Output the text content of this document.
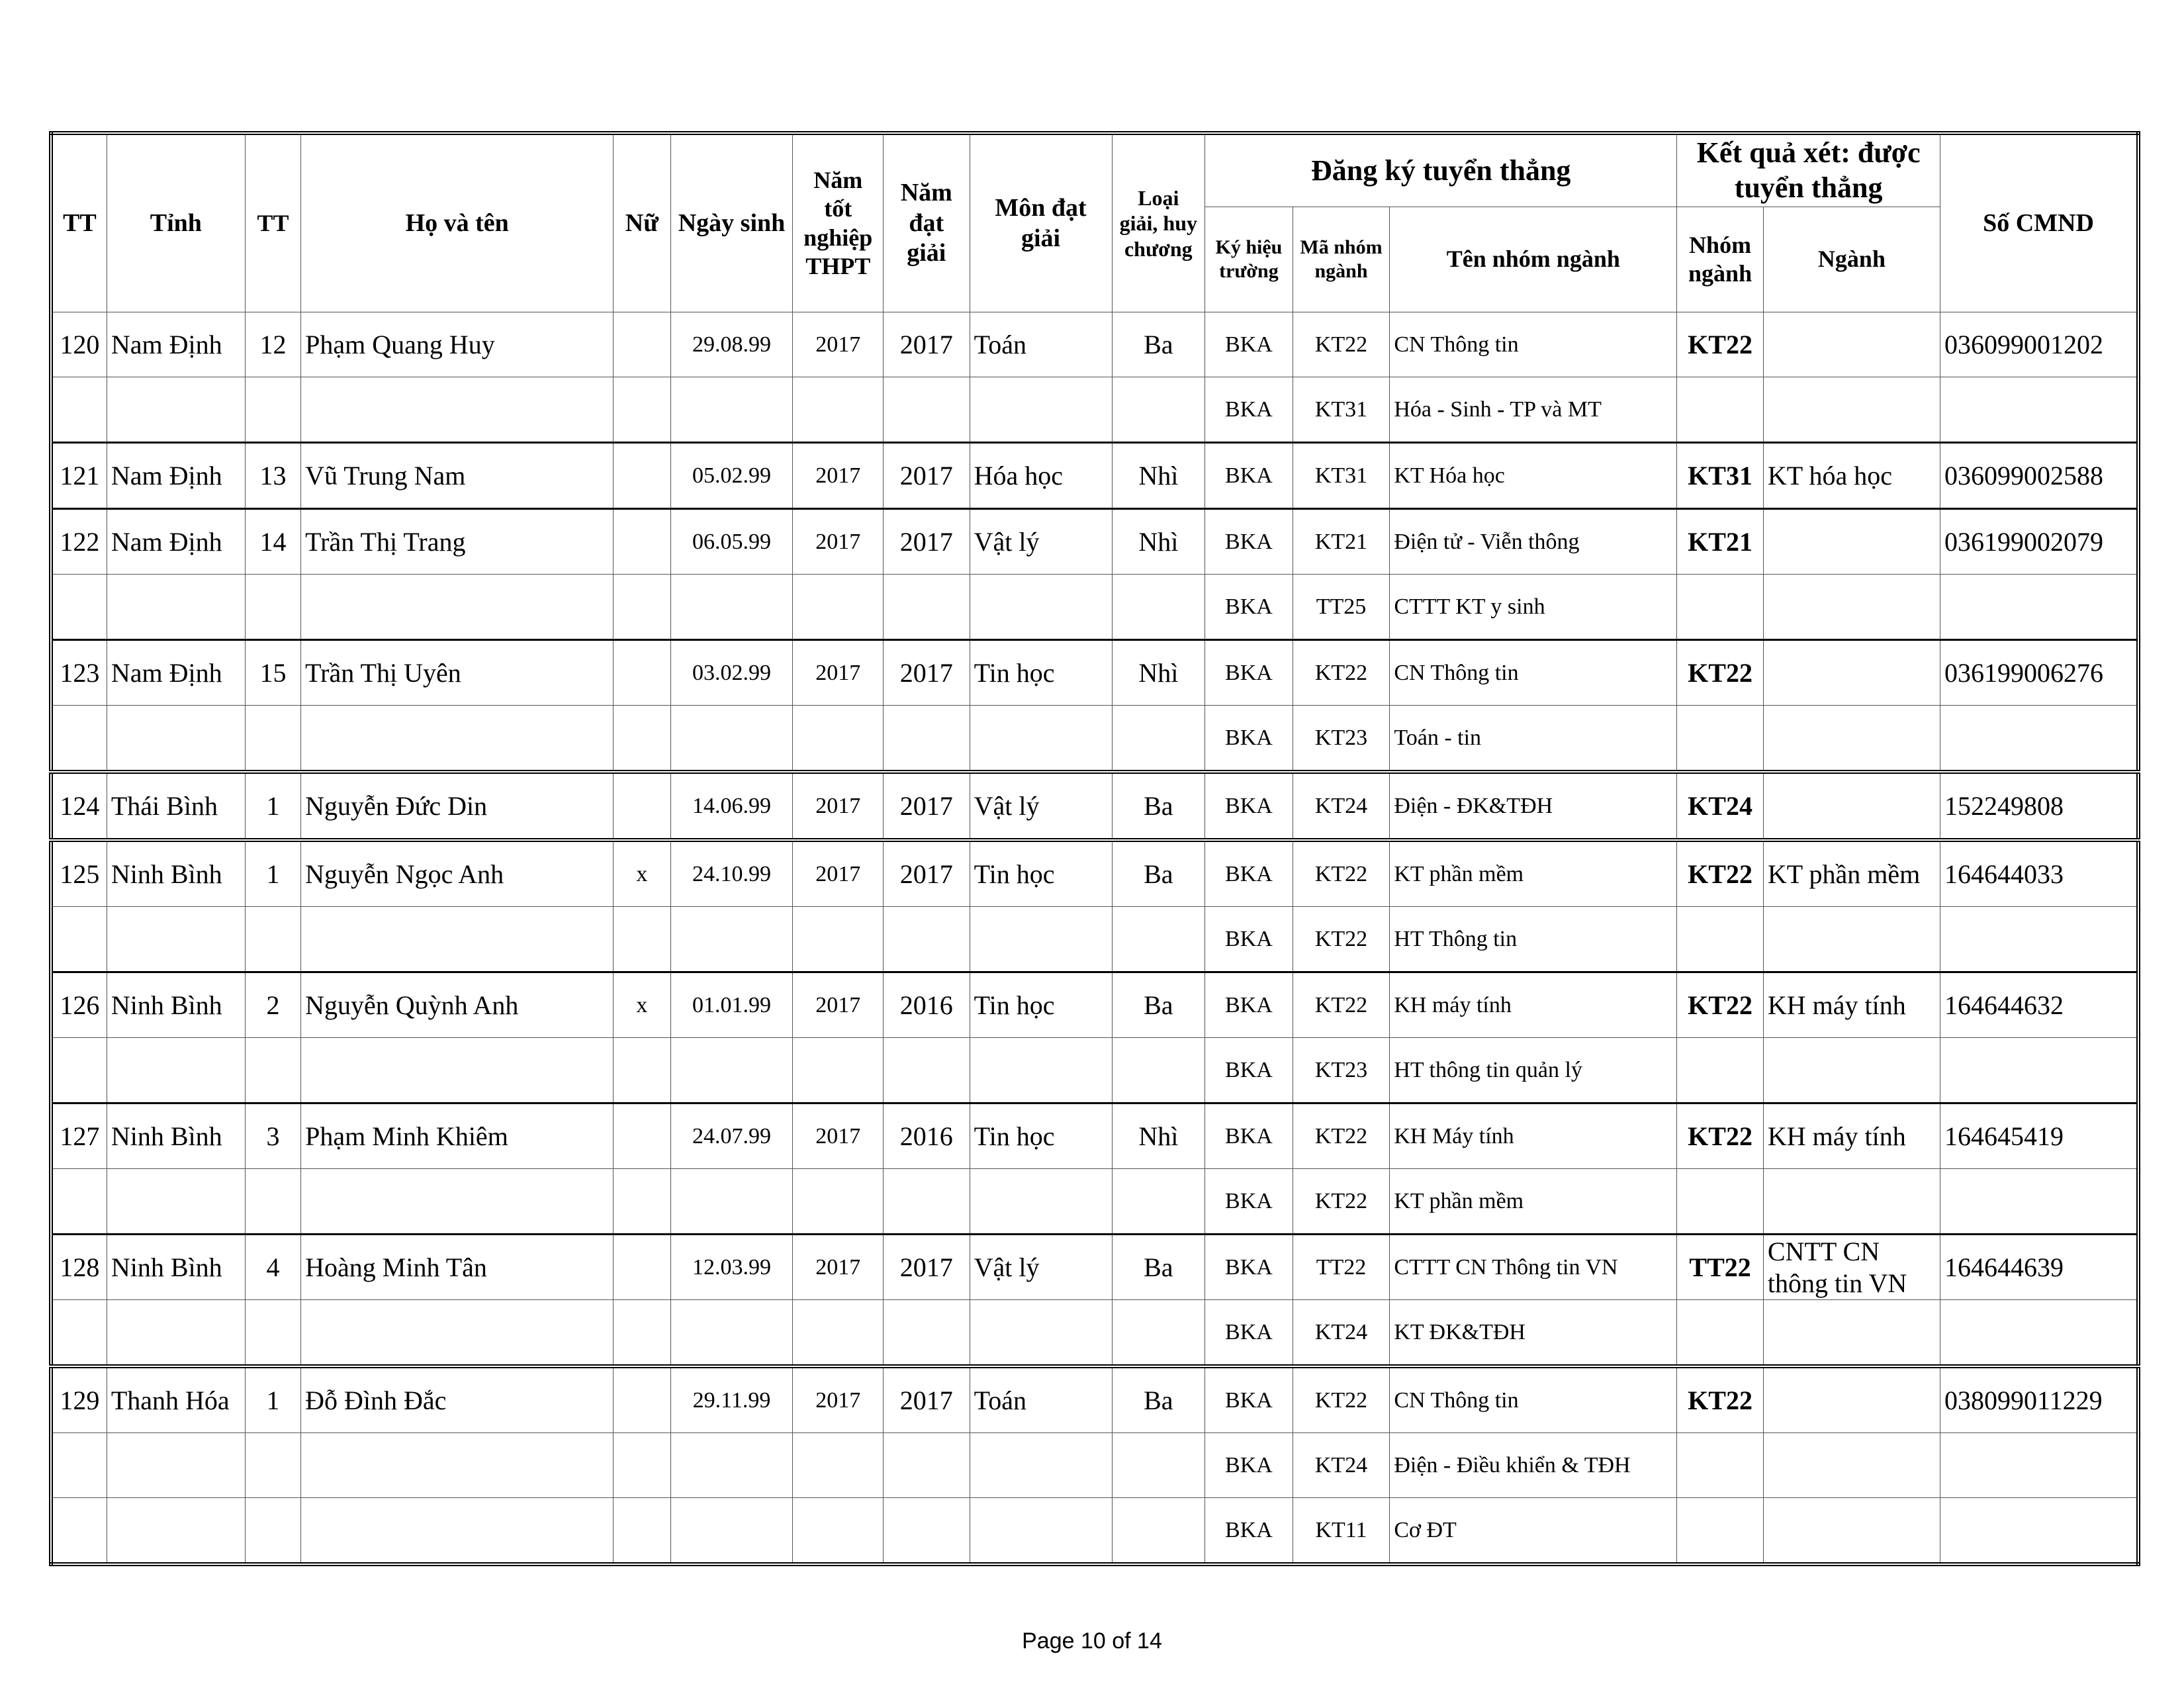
TT	Tỉnh	TT	Họ và tên	Nữ	Ngày sinh	Năm tốt nghiệp THPT	Năm đạt giải	Môn đạt giải	Loại giải, huy chương	Đăng ký tuyển thẳng			Kết quả xét: được tuyển thẳng		Số CMND
										Ký hiệu trường	Mã nhóm ngành	Tên nhóm ngành	Nhóm ngành	Ngành	
120	Nam Định	12	Phạm Quang Huy		29.08.99	2017	2017	Toán	Ba	BKA	KT22	CN Thông tin	KT22		036099001202
										BKA	KT31	Hóa - Sinh - TP và MT			
121	Nam Định	13	Vũ Trung Nam		05.02.99	2017	2017	Hóa học	Nhì	BKA	KT31	KT Hóa học	KT31	KT hóa học	036099002588
122	Nam Định	14	Trần Thị Trang		06.05.99	2017	2017	Vật lý	Nhì	BKA	KT21	Điện tử - Viễn thông	KT21		036199002079
										BKA	TT25	CTTT KT y sinh			
123	Nam Định	15	Trần Thị Uyên		03.02.99	2017	2017	Tin học	Nhì	BKA	KT22	CN Thông tin	KT22		036199006276
										BKA	KT23	Toán - tin			
124	Thái Bình	1	Nguyễn Đức Din		14.06.99	2017	2017	Vật lý	Ba	BKA	KT24	Điện - ĐK&TĐH	KT24		152249808
125	Ninh Bình	1	Nguyễn Ngọc Anh	x	24.10.99	2017	2017	Tin học	Ba	BKA	KT22	KT phần mềm	KT22	KT phần mềm	164644033
										BKA	KT22	HT Thông tin			
126	Ninh Bình	2	Nguyễn Quỳnh Anh	x	01.01.99	2017	2016	Tin học	Ba	BKA	KT22	KH máy tính	KT22	KH máy tính	164644632
										BKA	KT23	HT thông tin quản lý			
127	Ninh Bình	3	Phạm Minh Khiêm		24.07.99	2017	2016	Tin học	Nhì	BKA	KT22	KH Máy tính	KT22	KH máy tính	164645419
										BKA	KT22	KT phần mềm			
128	Ninh Bình	4	Hoàng Minh Tân		12.03.99	2017	2017	Vật lý	Ba	BKA	TT22	CTTT CN Thông tin VN	TT22	CNTT CN thông tin VN	164644639
										BKA	KT24	KT ĐK&TĐH			
129	Thanh Hóa	1	Đỗ Đình Đắc		29.11.99	2017	2017	Toán	Ba	BKA	KT22	CN Thông tin	KT22		038099011229
										BKA	KT24	Điện - Điều khiển & TĐH			
										BKA	KT11	Cơ ĐT			
Page 10 of 14
